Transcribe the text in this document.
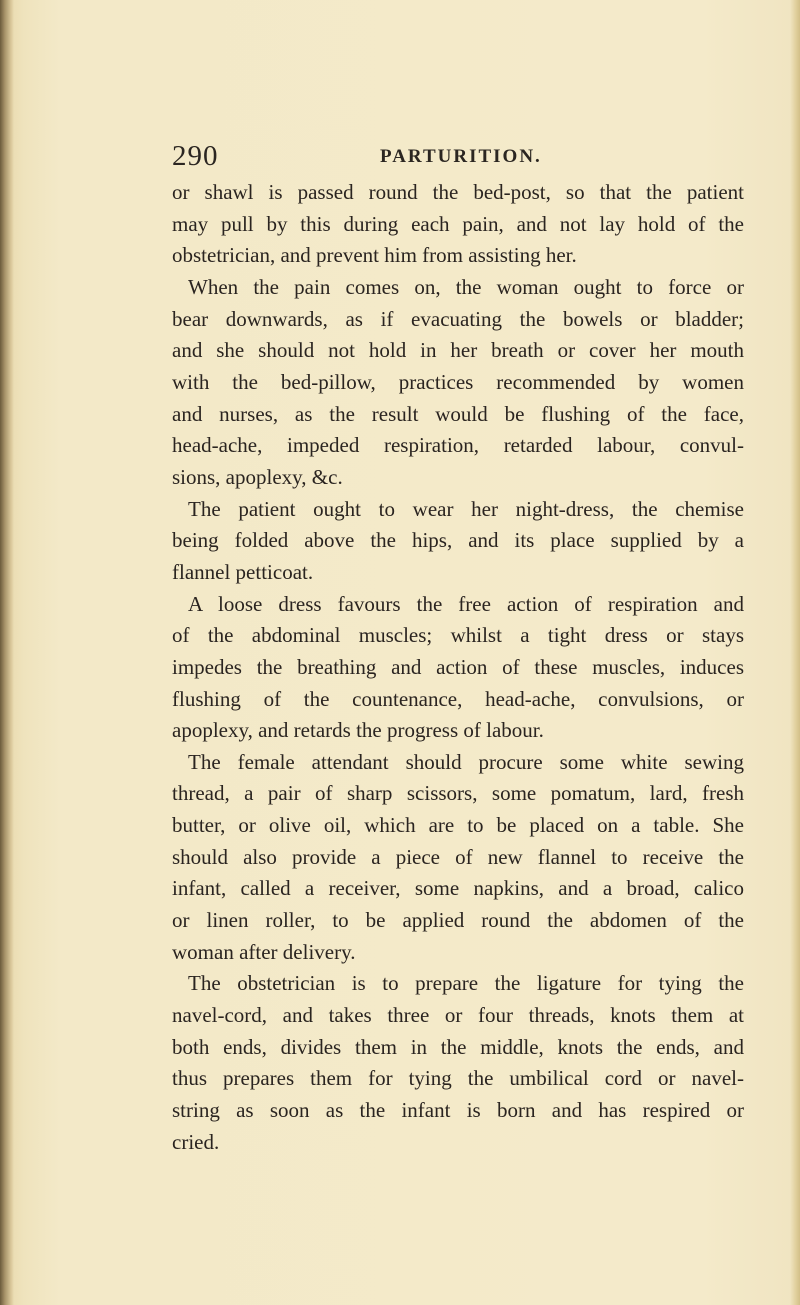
290	PARTURITION.
or shawl is passed round the bed-post, so that the patient
may pull by this during each pain, and not lay hold of the
obstetrician, and prevent him from assisting her.
When the pain comes on, the woman ought to force or
bear downwards, as if evacuating the bowels or bladder;
and she should not hold in her breath or cover her mouth
with the bed-pillow, practices recommended by women
and nurses, as the result would be flushing of the face,
head-ache, impeded respiration, retarded labour, convul-
sions, apoplexy, &c.
The patient ought to wear her night-dress, the chemise
being folded above the hips, and its place supplied by a
flannel petticoat.
A loose dress favours the free action of respiration and
of the abdominal muscles; whilst a tight dress or stays
impedes the breathing and action of these muscles, induces
flushing of the countenance, head-ache, convulsions, or
apoplexy, and retards the progress of labour.
The female attendant should procure some white sewing
thread, a pair of sharp scissors, some pomatum, lard, fresh
butter, or olive oil, which are to be placed on a table. She
should also provide a piece of new flannel to receive the
infant, called a receiver, some napkins, and a broad, calico
or linen roller, to be applied round the abdomen of the
woman after delivery.
The obstetrician is to prepare the ligature for tying the
navel-cord, and takes three or four threads, knots them at
both ends, divides them in the middle, knots the ends, and
thus prepares them for tying the umbilical cord or navel-
string as soon as the infant is born and has respired or
cried.
